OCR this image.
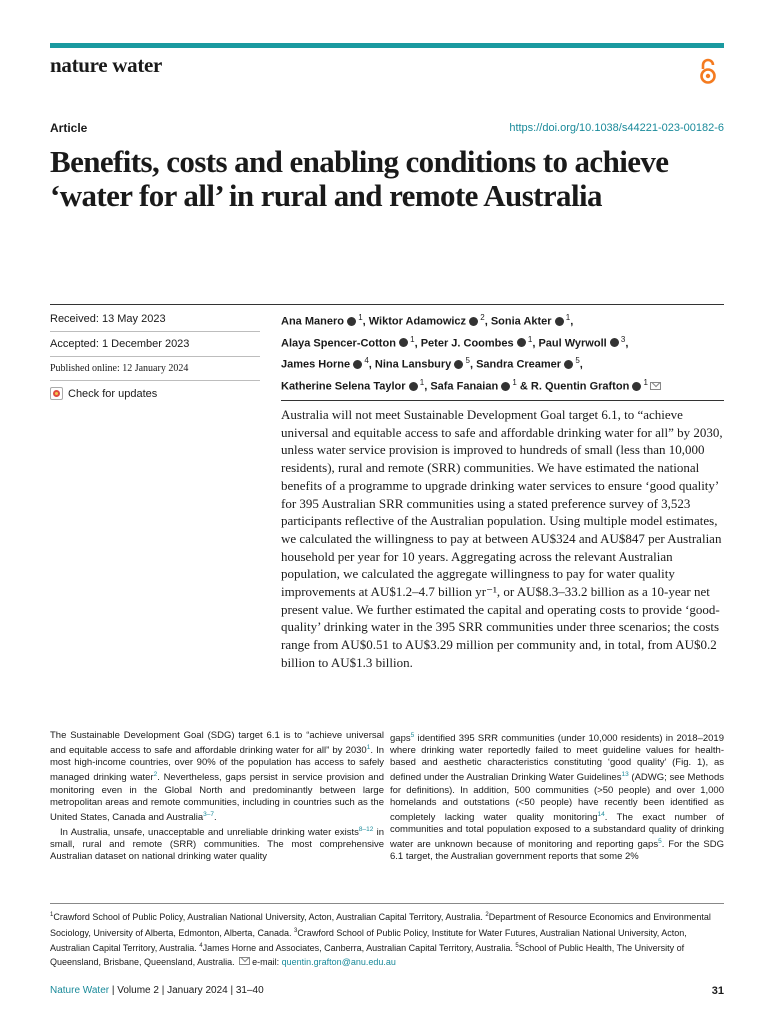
nature water
Article	https://doi.org/10.1038/s44221-023-00182-6
Benefits, costs and enabling conditions to achieve ‘water for all’ in rural and remote Australia
Received: 13 May 2023
Accepted: 1 December 2023
Published online: 12 January 2024
Check for updates
Ana Manero $^1$, Wiktor Adamowicz $^2$, Sonia Akter $^1$,
Alaya Spencer-Cotton $^1$, Peter J. Coombes $^1$, Paul Wyrwoll $^3$,
James Horne $^4$, Nina Lansbury $^5$, Sandra Creamer $^5$,
Katherine Selena Taylor $^1$, Safa Fanaian $^1$ & R. Quentin Grafton $^1$

Australia will not meet Sustainable Development Goal target 6.1, to “achieve universal and equitable access to safe and affordable drinking water for all” by 2030, unless water service provision is improved to hundreds of small (less than 10,000 residents), rural and remote (SRR) communities. We have estimated the national benefits of a programme to upgrade drinking water services to ensure ‘good quality’ for 395 Australian SRR communities using a stated preference survey of 3,523 participants reflective of the Australian population. Using multiple model estimates, we calculated the willingness to pay at between AU$324 and AU$847 per Australian household per year for 10 years. Aggregating across the relevant Australian population, we calculated the aggregate willingness to pay for water quality improvements at AU$1.2–4.7 billion yr⁻¹, or AU$8.3–33.2 billion as a 10-year net present value. We further estimated the capital and operating costs to provide ‘good-quality’ drinking water in the 395 SRR communities under three scenarios; the costs range from AU$0.51 to AU$3.29 million per community and, in total, from AU$0.2 billion to AU$1.3 billion.

The Sustainable Development Goal (SDG) target 6.1 is to “achieve universal and equitable access to safe and affordable drinking water for all” by 2030$^1$. In most high-income countries, over 90% of the population has access to safely managed drinking water$^2$. Nevertheless, gaps persist in service provision and monitoring even in the Global North and predominantly between large metropolitan areas and remote communities, including in countries such as the United States, Canada and Australia$^{3-7}$.

In Australia, unsafe, unacceptable and unreliable drinking water exists$^{8-12}$ in small, rural and remote (SRR) communities. The most comprehensive Australian dataset on national drinking water quality

gaps$^5$ identified 395 SRR communities (under 10,000 residents) in 2018–2019 where drinking water reportedly failed to meet guideline values for health-based and aesthetic characteristics constituting ‘good quality’ (Fig. 1), as defined under the Australian Drinking Water Guidelines$^{13}$ (ADWG; see Methods for definitions). In addition, 500 communities (>50 people) and over 1,000 homelands and outstations (<50 people) have recently been identified as completely lacking water quality monitoring$^{14}$. The exact number of communities and total population exposed to a substandard quality of drinking water are unknown because of monitoring and reporting gaps$^5$. For the SDG 6.1 target, the Australian government reports that some 2%

$^1$Crawford School of Public Policy, Australian National University, Acton, Australian Capital Territory, Australia. $^2$Department of Resource Economics and Environmental Sociology, University of Alberta, Edmonton, Alberta, Canada. $^3$Crawford School of Public Policy, Institute for Water Futures, Australian National University, Acton, Australian Capital Territory, Australia. $^4$James Horne and Associates, Canberra, Australian Capital Territory, Australia. $^5$School of Public Health, The University of Queensland, Brisbane, Queensland, Australia. e-mail: quentin.grafton@anu.edu.au
Nature Water | Volume 2 | January 2024 | 31–40	31
